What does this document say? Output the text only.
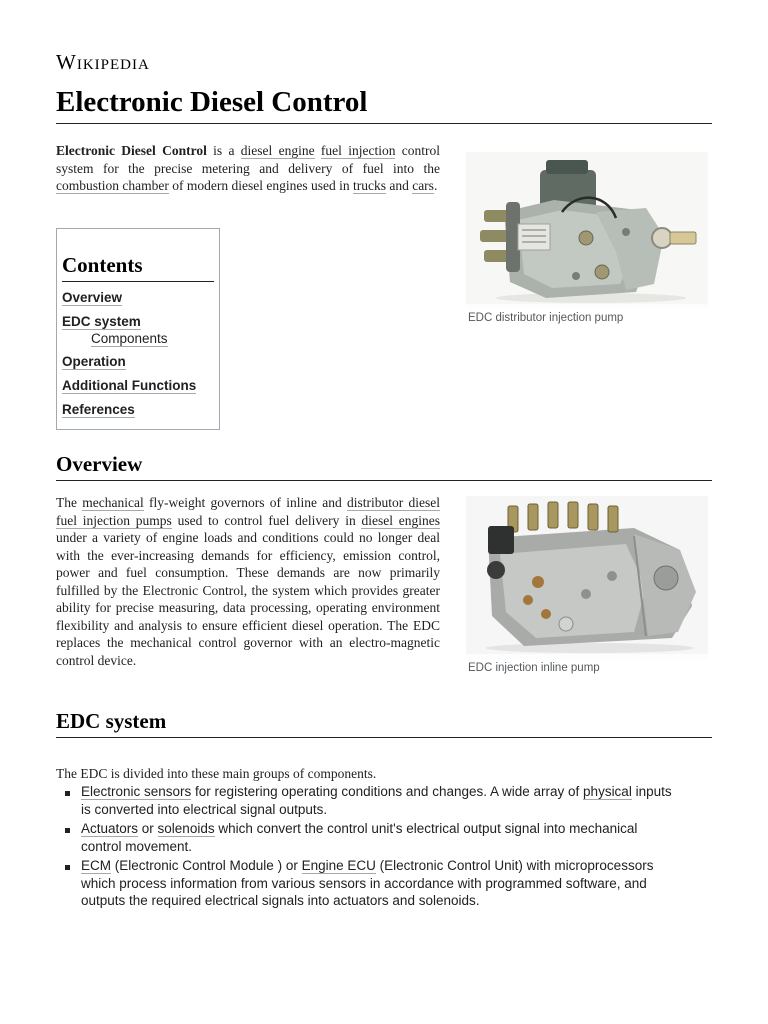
Wikipedia
Electronic Diesel Control

Electronic Diesel Control is a diesel engine fuel injection control system for the precise metering and delivery of fuel into the combustion chamber of modern diesel engines used in trucks and cars.

EDC distributor injection pump
Contents
Overview
EDC system
Components
Operation
Additional Functions
References
Overview

The mechanical fly-weight governors of inline and distributor diesel fuel injection pumps used to control fuel delivery in diesel engines under a variety of engine loads and conditions could no longer deal with the ever-increasing demands for efficiency, emission control, power and fuel consumption. These demands are now primarily fulfilled by the Electronic Control, the system which provides greater ability for precise measuring, data processing, operating environment flexibility and analysis to ensure efficient diesel operation. The EDC replaces the mechanical control governor with an electro-magnetic control device.

EDC injection inline pump
EDC system

The EDC is divided into these main groups of components.

Electronic sensors for registering operating conditions and changes. A wide array of physical inputs is converted into electrical signal outputs.
Actuators or solenoids which convert the control unit's electrical output signal into mechanical control movement.
ECM (Electronic Control Module ) or Engine ECU (Electronic Control Unit) with microprocessors which process information from various sensors in accordance with programmed software, and outputs the required electrical signals into actuators and solenoids.
